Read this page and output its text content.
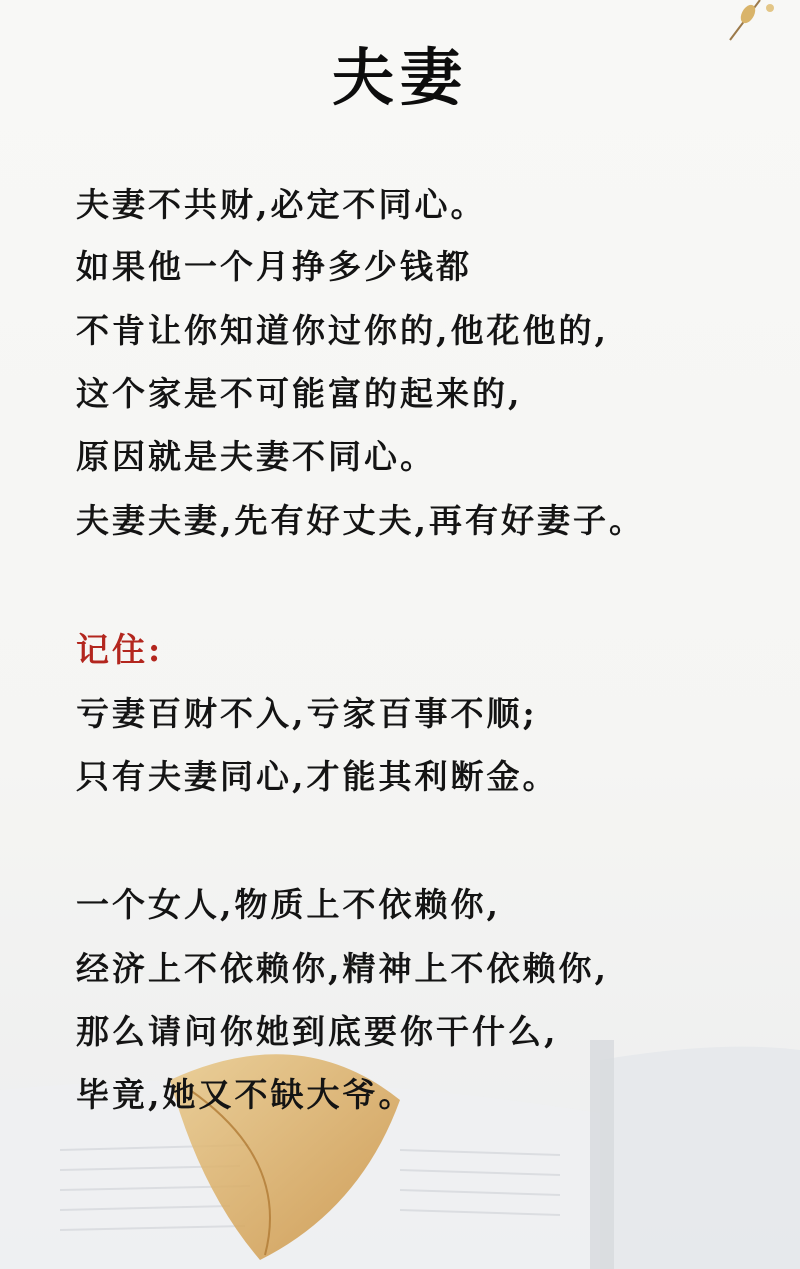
夫妻
夫妻不共财,必定不同心。
如果他一个月挣多少钱都
不肯让你知道你过你的,他花他的,
这个家是不可能富的起来的,
原因就是夫妻不同心。
夫妻夫妻,先有好丈夫,再有好妻子。
记住:
亏妻百财不入,亏家百事不顺;
只有夫妻同心,才能其利断金。
一个女人,物质上不依赖你,
经济上不依赖你,精神上不依赖你,
那么请问你她到底要你干什么,
毕竟,她又不缺大爷。
